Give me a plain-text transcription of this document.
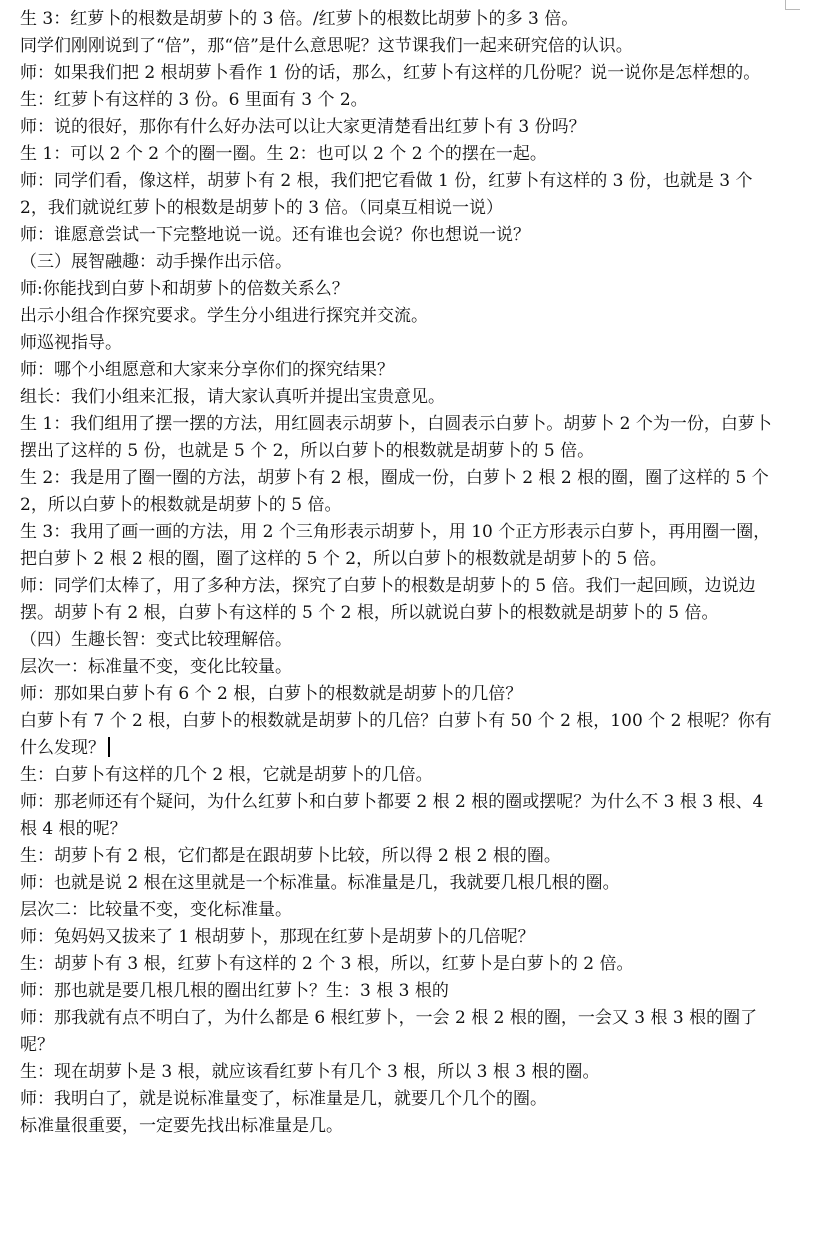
生 3：红萝卜的根数是胡萝卜的 3 倍。/红萝卜的根数比胡萝卜的多 3 倍。

同学们刚刚说到了“倍”，那“倍”是什么意思呢？这节课我们一起来研究倍的认识。

师：如果我们把 2 根胡萝卜看作 1 份的话，那么，红萝卜有这样的几份呢？说一说你是怎样想的。

生：红萝卜有这样的 3 份。6 里面有 3 个 2。

师：说的很好，那你有什么好办法可以让大家更清楚看出红萝卜有 3 份吗？

生 1：可以 2 个 2 个的圈一圈。生 2：也可以 2 个 2 个的摆在一起。

师：同学们看，像这样，胡萝卜有 2 根，我们把它看做 1 份，红萝卜有这样的 3 份，也就是 3 个 2，我们就说红萝卜的根数是胡萝卜的 3 倍。（同桌互相说一说）

师：谁愿意尝试一下完整地说一说。还有谁也会说？你也想说一说？

（三）展智融趣：动手操作出示倍。

师:你能找到白萝卜和胡萝卜的倍数关系么？

出示小组合作探究要求。学生分小组进行探究并交流。

师巡视指导。

师：哪个小组愿意和大家来分享你们的探究结果？

组长：我们小组来汇报，请大家认真听并提出宝贵意见。

生 1：我们组用了摆一摆的方法，用红圆表示胡萝卜，白圆表示白萝卜。胡萝卜 2 个为一份，白萝卜摆出了这样的 5 份，也就是 5 个 2，所以白萝卜的根数就是胡萝卜的 5 倍。

生 2：我是用了圈一圈的方法，胡萝卜有 2 根，圈成一份，白萝卜 2 根 2 根的圈，圈了这样的 5 个 2，所以白萝卜的根数就是胡萝卜的 5 倍。

生 3：我用了画一画的方法，用 2 个三角形表示胡萝卜，用 10 个正方形表示白萝卜，再用圈一圈，把白萝卜 2 根 2 根的圈，圈了这样的 5 个 2，所以白萝卜的根数就是胡萝卜的 5 倍。

师：同学们太棒了，用了多种方法，探究了白萝卜的根数是胡萝卜的 5 倍。我们一起回顾，边说边摆。胡萝卜有 2 根，白萝卜有这样的 5 个 2 根，所以就说白萝卜的根数就是胡萝卜的 5 倍。

（四）生趣长智：变式比较理解倍。

层次一：标准量不变，变化比较量。

师：那如果白萝卜有 6 个 2 根，白萝卜的根数就是胡萝卜的几倍？

白萝卜有 7 个 2 根，白萝卜的根数就是胡萝卜的几倍？白萝卜有 50 个 2 根，100 个 2 根呢？你有什么发现？

生：白萝卜有这样的几个 2 根，它就是胡萝卜的几倍。

师：那老师还有个疑问，为什么红萝卜和白萝卜都要 2 根 2 根的圈或摆呢？为什么不 3 根 3 根、4 根 4 根的呢？

生：胡萝卜有 2 根，它们都是在跟胡萝卜比较，所以得 2 根 2 根的圈。

师：也就是说 2 根在这里就是一个标准量。标准量是几，我就要几根几根的圈。

层次二：比较量不变，变化标准量。

师：兔妈妈又拔来了 1 根胡萝卜，那现在红萝卜是胡萝卜的几倍呢？

生：胡萝卜有 3 根，红萝卜有这样的 2 个 3 根，所以，红萝卜是白萝卜的 2 倍。

师：那也就是要几根几根的圈出红萝卜？生：3 根 3 根的

师：那我就有点不明白了，为什么都是 6 根红萝卜，一会 2 根 2 根的圈，一会又 3 根 3 根的圈了呢？

生：现在胡萝卜是 3 根，就应该看红萝卜有几个 3 根，所以 3 根 3 根的圈。

师：我明白了，就是说标准量变了，标准量是几，就要几个几个的圈。

标准量很重要，一定要先找出标准量是几。
